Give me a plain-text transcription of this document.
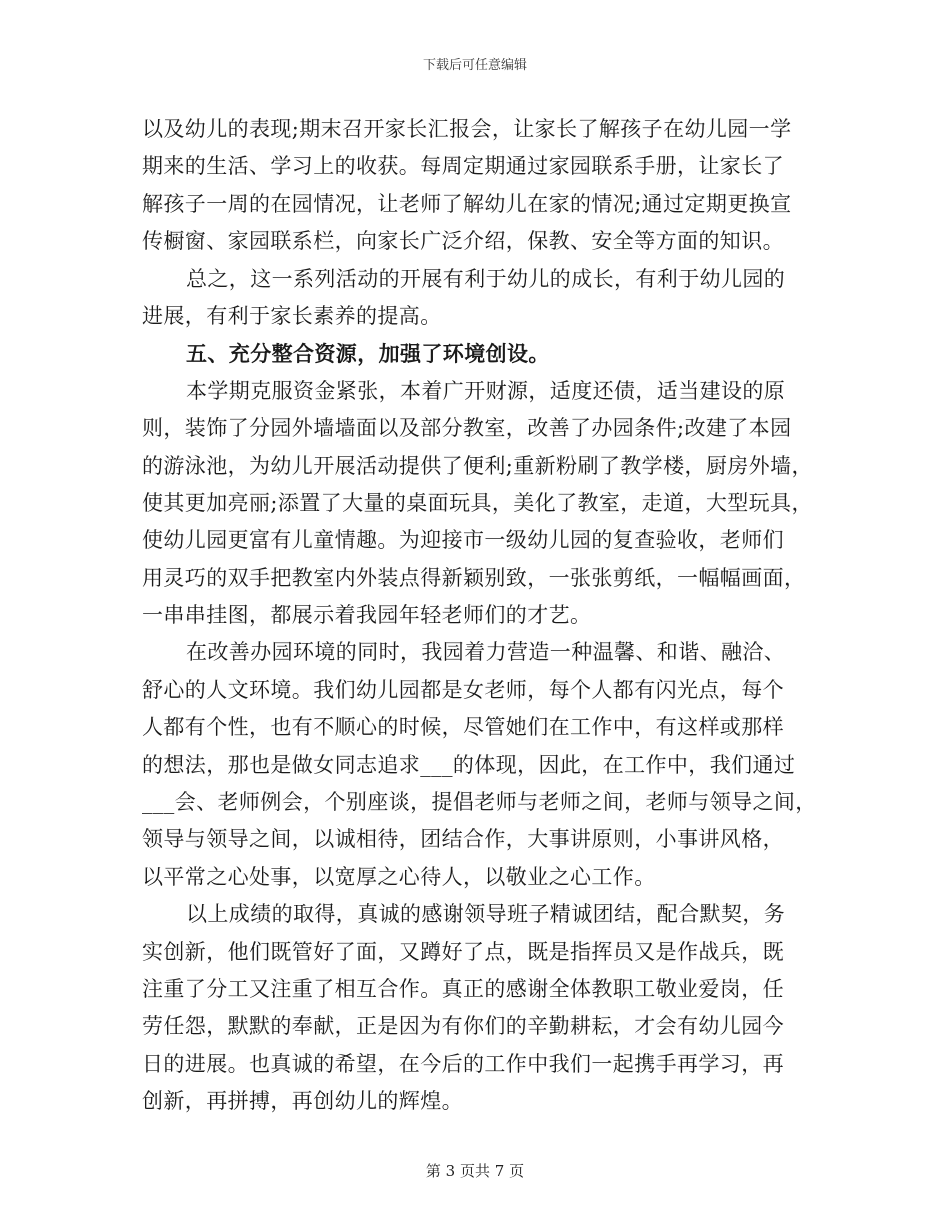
下载后可任意编辑
以及幼儿的表现;期末召开家长汇报会，让家长了解孩子在幼儿园一学
期来的生活、学习上的收获。每周定期通过家园联系手册，让家长了
解孩子一周的在园情况，让老师了解幼儿在家的情况;通过定期更换宣
传橱窗、家园联系栏，向家长广泛介绍，保教、安全等方面的知识。
总之，这一系列活动的开展有利于幼儿的成长，有利于幼儿园的
进展，有利于家长素养的提高。
五、充分整合资源，加强了环境创设。
本学期克服资金紧张，本着广开财源，适度还债，适当建设的原
则，装饰了分园外墙墙面以及部分教室，改善了办园条件;改建了本园
的游泳池，为幼儿开展活动提供了便利;重新粉刷了教学楼，厨房外墙，
使其更加亮丽;添置了大量的桌面玩具，美化了教室，走道，大型玩具，
使幼儿园更富有儿童情趣。为迎接市一级幼儿园的复查验收，老师们
用灵巧的双手把教室内外装点得新颖别致，一张张剪纸，一幅幅画面，
一串串挂图，都展示着我园年轻老师们的才艺。
在改善办园环境的同时，我园着力营造一种温馨、和谐、融洽、
舒心的人文环境。我们幼儿园都是女老师，每个人都有闪光点，每个
人都有个性，也有不顺心的时候，尽管她们在工作中，有这样或那样
的想法，那也是做女同志追求___的体现，因此，在工作中，我们通过
___会、老师例会，个别座谈，提倡老师与老师之间，老师与领导之间，
领导与领导之间，以诚相待，团结合作，大事讲原则，小事讲风格，
以平常之心处事，以宽厚之心待人，以敬业之心工作。
以上成绩的取得，真诚的感谢领导班子精诚团结，配合默契，务
实创新，他们既管好了面，又蹲好了点，既是指挥员又是作战兵，既
注重了分工又注重了相互合作。真正的感谢全体教职工敬业爱岗，任
劳任怨，默默的奉献，正是因为有你们的辛勤耕耘，才会有幼儿园今
日的进展。也真诚的希望，在今后的工作中我们一起携手再学习，再
创新，再拼搏，再创幼儿的辉煌。
第 3 页共 7 页
